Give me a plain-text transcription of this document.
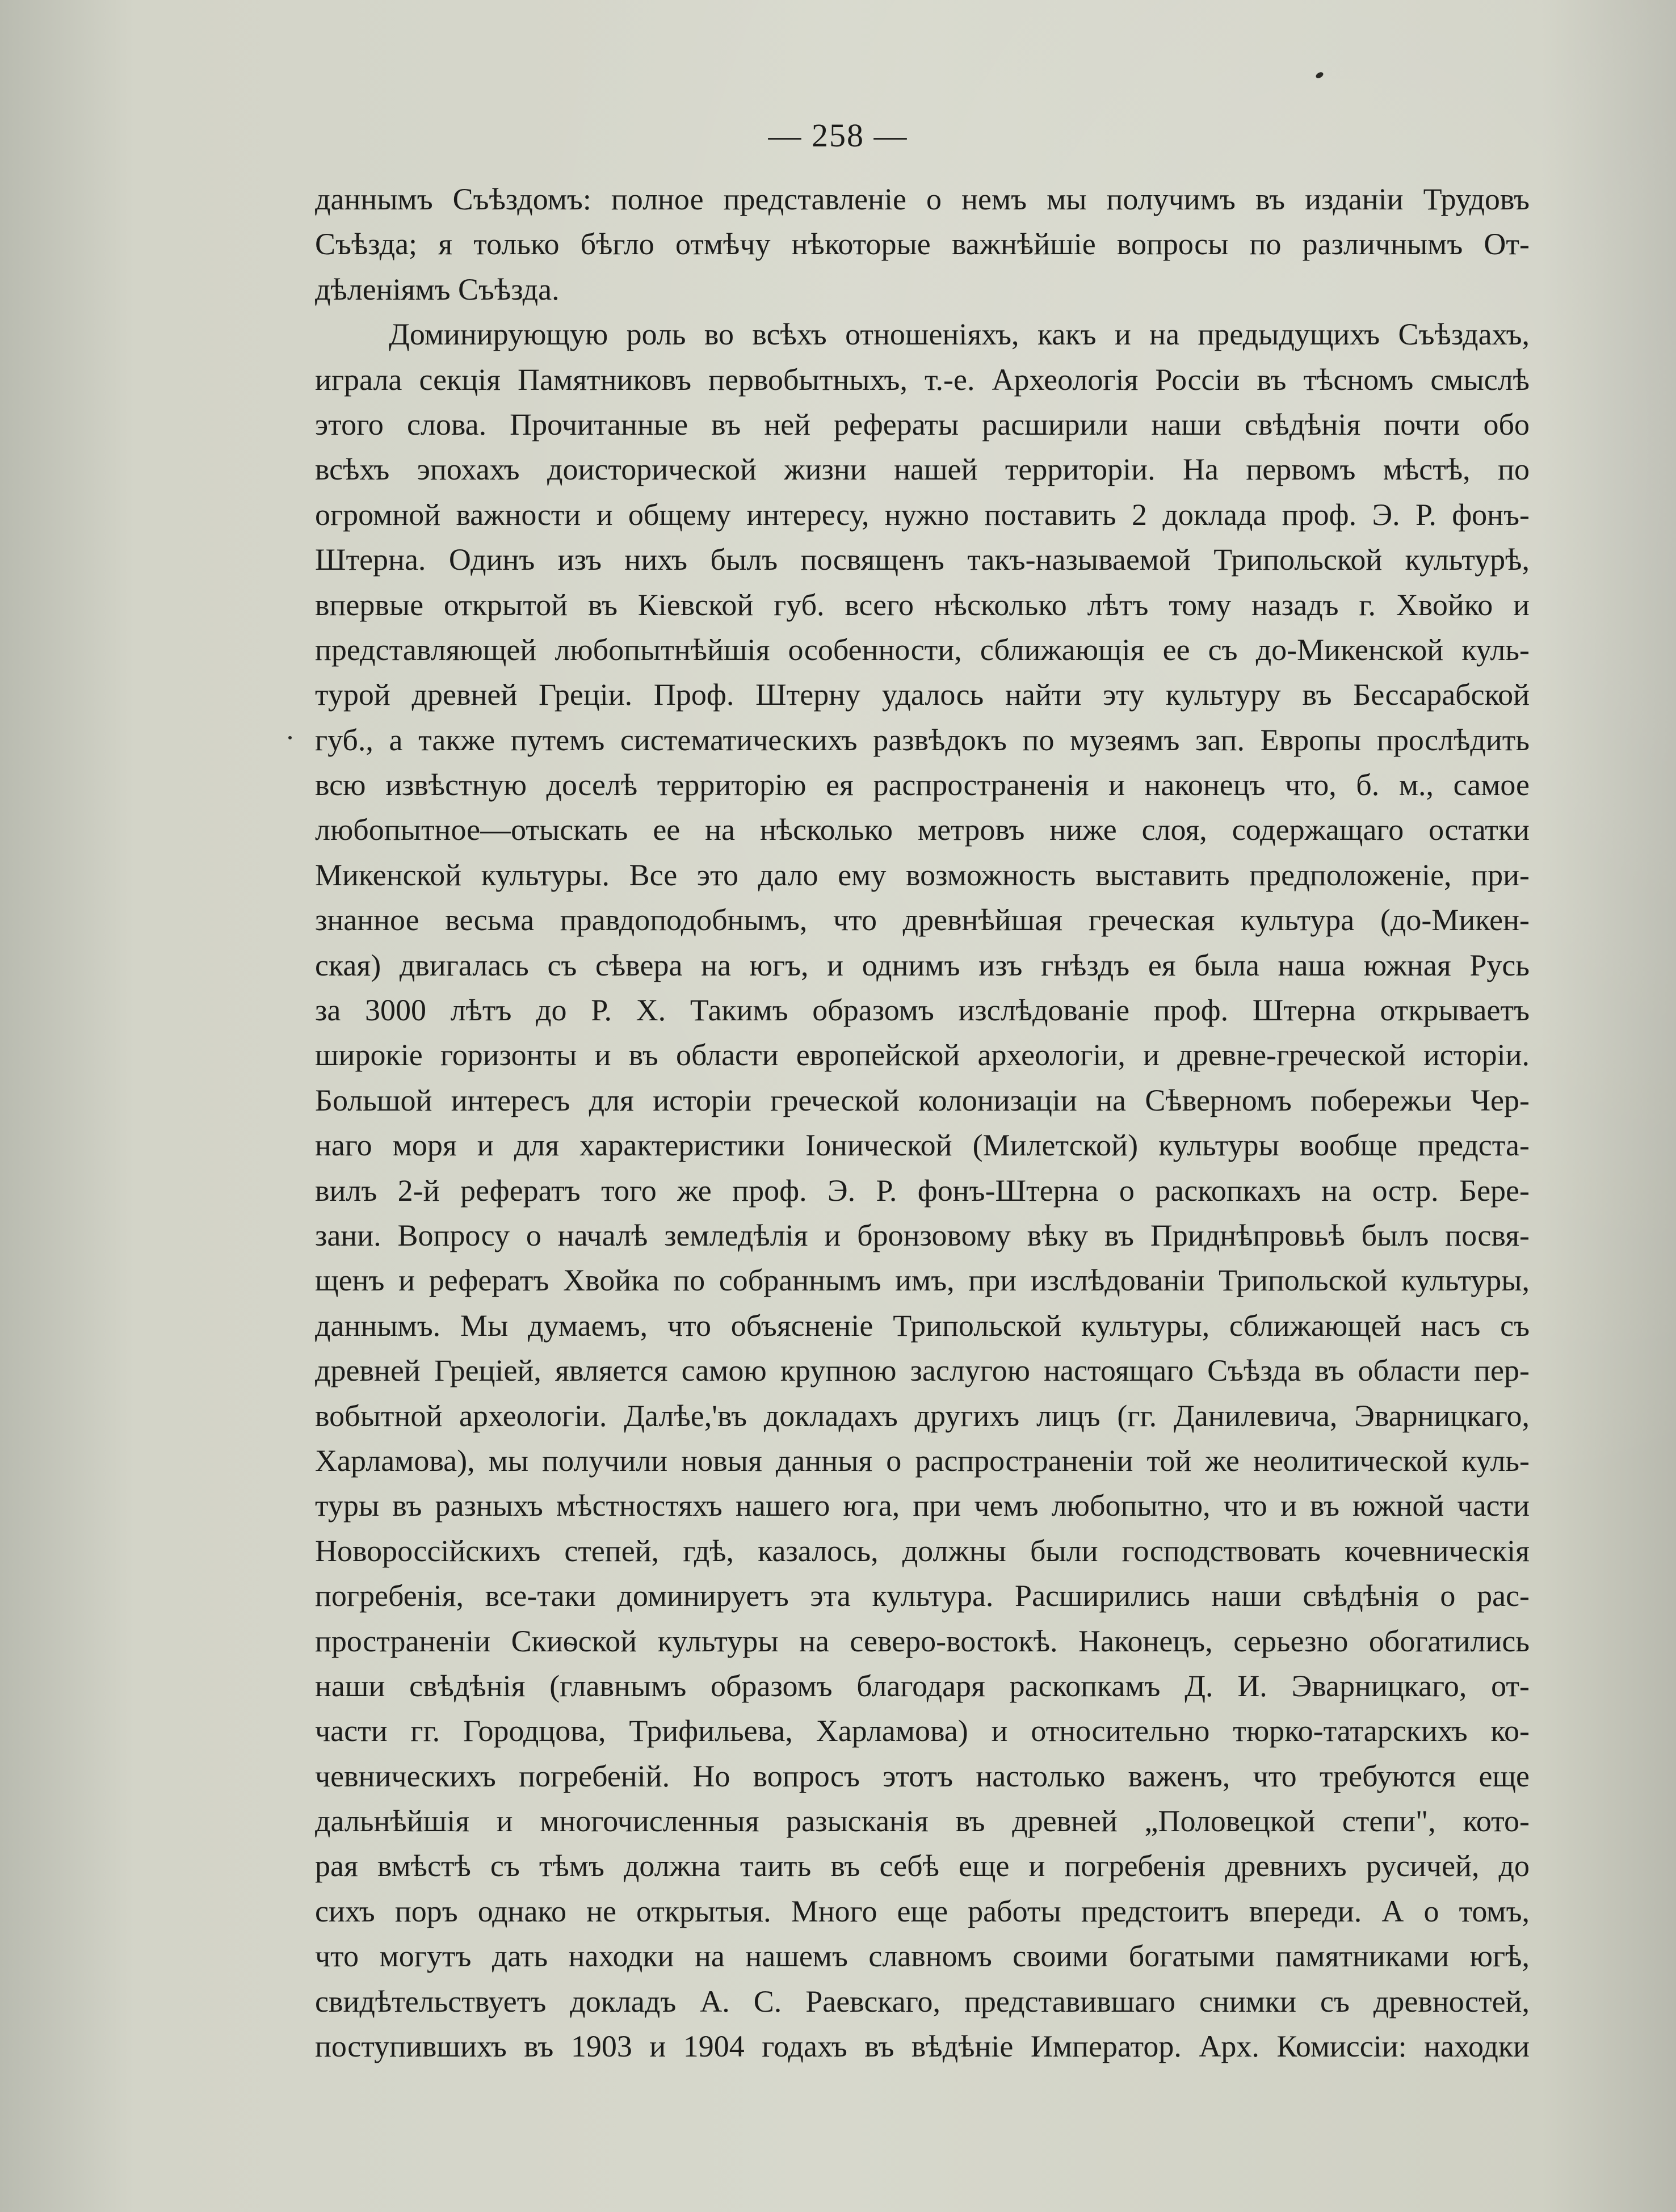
— 258 —
даннымъ Съѣздомъ: полное представленіе о немъ мы получимъ въ изданіи Трудовъ
Съѣзда; я только бѣгло отмѣчу нѣкоторые важнѣйшіе вопросы по различнымъ От-
дѣленіямъ Съѣзда.
Доминирующую роль во всѣхъ отношеніяхъ, какъ и на предыдущихъ Съѣздахъ,
играла секція Памятниковъ первобытныхъ, т.-е. Археологія Россіи въ тѣсномъ смыслѣ
этого слова. Прочитанные въ ней рефераты расширили наши свѣдѣнія почти обо
всѣхъ эпохахъ доисторической жизни нашей территоріи. На первомъ мѣстѣ, по
огромной важности и общему интересу, нужно поставить 2 доклада проф. Э. Р. фонъ-
Штерна. Одинъ изъ нихъ былъ посвященъ такъ-называемой Трипольской культурѣ,
впервые открытой въ Кіевской губ. всего нѣсколько лѣтъ тому назадъ г. Хвойко и
представляющей любопытнѣйшія особенности, сближающія ее съ до-Микенской куль-
турой древней Греціи. Проф. Штерну удалось найти эту культуру въ Бессарабской
губ., а также путемъ систематическихъ развѣдокъ по музеямъ зап. Европы прослѣдить
всю извѣстную доселѣ территорію ея распространенія и наконецъ что, б. м., самое
любопытное—отыскать ее на нѣсколько метровъ ниже слоя, содержащаго остатки
Микенской культуры. Все это дало ему возможность выставить предположеніе, при-
знанное весьма правдоподобнымъ, что древнѣйшая греческая культура (до-Микен-
ская) двигалась съ сѣвера на югъ, и однимъ изъ гнѣздъ ея была наша южная Русь
за 3000 лѣтъ до Р. Х. Такимъ образомъ изслѣдованіе проф. Штерна открываетъ
широкіе горизонты и въ области европейской археологіи, и древне-греческой исторіи.
Большой интересъ для исторіи греческой колонизаціи на Сѣверномъ побережьи Чер-
наго моря и для характеристики Іонической (Милетской) культуры вообще предста-
вилъ 2-й рефератъ того же проф. Э. Р. фонъ-Штерна о раскопкахъ на остр. Бере-
зани. Вопросу о началѣ земледѣлія и бронзовому вѣку въ Приднѣпровьѣ былъ посвя-
щенъ и рефератъ Хвойка по собраннымъ имъ, при изслѣдованіи Трипольской культуры,
даннымъ. Мы думаемъ, что объясненіе Трипольской культуры, сближающей насъ съ
древней Греціей, является самою крупною заслугою настоящаго Съѣзда въ области пер-
вобытной археологіи. Далѣе,'въ докладахъ другихъ лицъ (гг. Данилевича, Эварницкаго,
Харламова), мы получили новыя данныя о распространеніи той же неолитической куль-
туры въ разныхъ мѣстностяхъ нашего юга, при чемъ любопытно, что и въ южной части
Новороссійскихъ степей, гдѣ, казалось, должны были господствовать кочевническія
погребенія, все-таки доминируетъ эта культура. Расширились наши свѣдѣнія о рас-
пространеніи Скиѳской культуры на северо-востокѣ. Наконецъ, серьезно обогатились
наши свѣдѣнія (главнымъ образомъ благодаря раскопкамъ Д. И. Эварницкаго, от-
части гг. Городцова, Трифильева, Харламова) и относительно тюрко-татарскихъ ко-
чевническихъ погребеній. Но вопросъ этотъ настолько важенъ, что требуются еще
дальнѣйшія и многочисленныя разысканія въ древней „Половецкой степи", кото-
рая вмѣстѣ съ тѣмъ должна таить въ себѣ еще и погребенія древнихъ русичей, до
сихъ поръ однако не открытыя. Много еще работы предстоитъ впереди. А о томъ,
что могутъ дать находки на нашемъ славномъ своими богатыми памятниками югѣ,
свидѣтельствуетъ докладъ А. С. Раевскаго, представившаго снимки съ древностей,
поступившихъ въ 1903 и 1904 годахъ въ вѣдѣніе Император. Арх. Комиссіи: находки
